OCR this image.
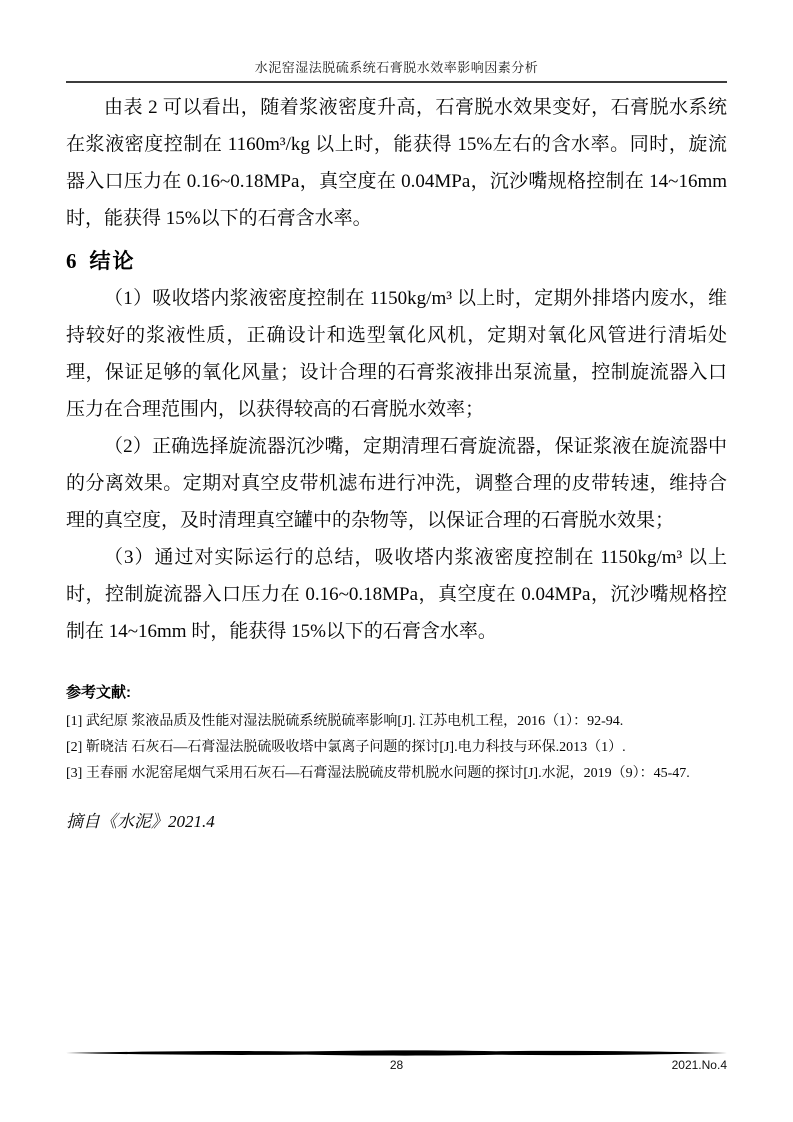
水泥窑湿法脱硫系统石膏脱水效率影响因素分析

由表 2 可以看出，随着浆液密度升高，石膏脱水效果变好，石膏脱水系统在浆液密度控制在 1160m³/kg 以上时，能获得 15%左右的含水率。同时，旋流器入口压力在 0.16~0.18MPa，真空度在 0.04MPa，沉沙嘴规格控制在 14~16mm 时，能获得 15%以下的石膏含水率。

6 结论

（1）吸收塔内浆液密度控制在 1150kg/m³ 以上时，定期外排塔内废水，维持较好的浆液性质，正确设计和选型氧化风机，定期对氧化风管进行清垢处理，保证足够的氧化风量；设计合理的石膏浆液排出泵流量，控制旋流器入口压力在合理范围内，以获得较高的石膏脱水效率；

（2）正确选择旋流器沉沙嘴，定期清理石膏旋流器，保证浆液在旋流器中的分离效果。定期对真空皮带机滤布进行冲洗，调整合理的皮带转速，维持合理的真空度，及时清理真空罐中的杂物等，以保证合理的石膏脱水效果；

（3）通过对实际运行的总结，吸收塔内浆液密度控制在 1150kg/m³ 以上时，控制旋流器入口压力在 0.16~0.18MPa，真空度在 0.04MPa，沉沙嘴规格控制在 14~16mm 时，能获得 15%以下的石膏含水率。

参考文献:
[1] 武纪原 浆液品质及性能对湿法脱硫系统脱硫率影响[J]. 江苏电机工程，2016（1）：92-94.
[2] 靳晓洁 石灰石—石膏湿法脱硫吸收塔中氯离子问题的探讨[J].电力科技与环保.2013（1）.
[3] 王春丽 水泥窑尾烟气采用石灰石—石膏湿法脱硫皮带机脱水问题的探讨[J].水泥，2019（9）：45-47.
摘自《水泥》2021.4
28	2021.No.4
